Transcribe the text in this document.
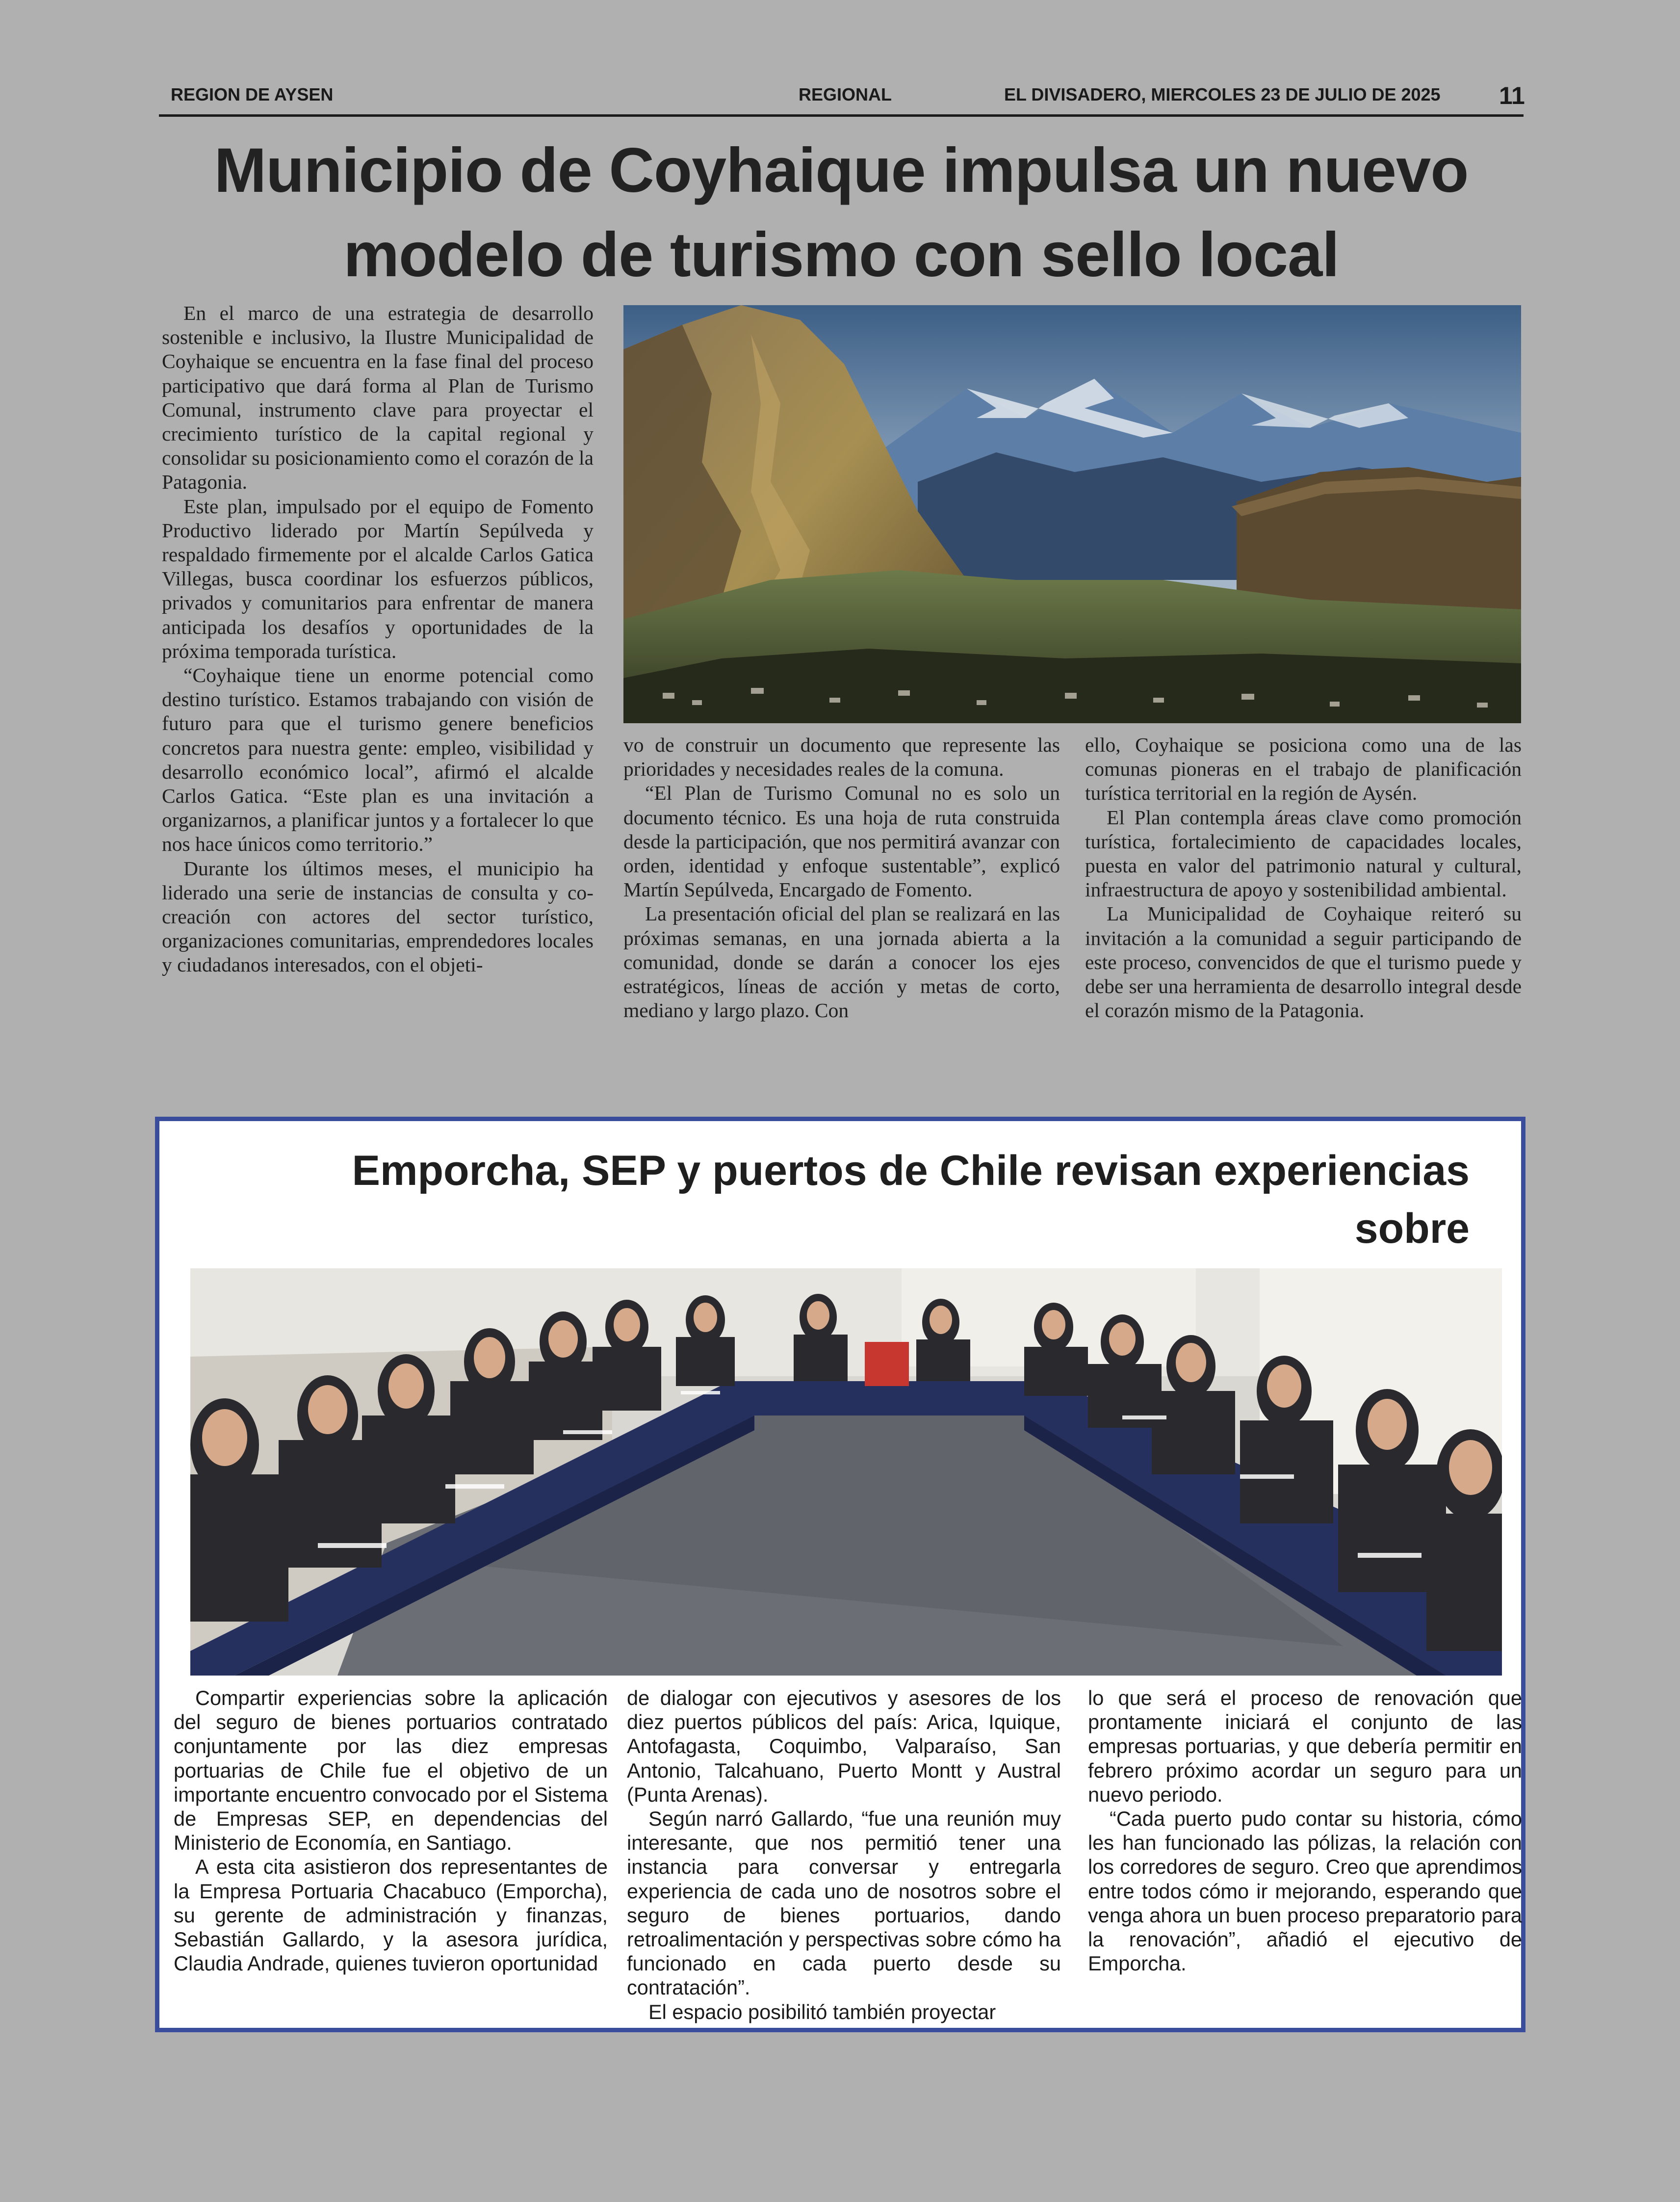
REGION DE AYSEN	REGIONAL	EL DIVISADERO, MIERCOLES 23 DE JULIO DE 2025 11
Municipio de Coyhaique impulsa un nuevo
modelo de turismo con sello local

En el marco de una estrategia de desarrollo sostenible e inclusivo, la Ilustre Municipalidad de Coyhaique se encuentra en la fase final del proceso participativo que dará forma al Plan de Turismo Comunal, instrumento clave para proyectar el crecimiento turístico de la capital regional y consolidar su posicionamiento como el corazón de la Patagonia.

Este plan, impulsado por el equipo de Fomento Productivo liderado por Martín Sepúlveda y respaldado firmemente por el alcalde Carlos Gatica Villegas, busca coordinar los esfuerzos públicos, privados y comunitarios para enfrentar de manera anticipada los desafíos y oportunidades de la próxima temporada turística.

“Coyhaique tiene un enorme potencial como destino turístico. Estamos trabajando con visión de futuro para que el turismo genere beneficios concretos para nuestra gente: empleo, visibilidad y desarrollo económico local”, afirmó el alcalde Carlos Gatica. “Este plan es una invitación a organizarnos, a planificar juntos y a fortalecer lo que nos hace únicos como territorio.”

Durante los últimos meses, el municipio ha liderado una serie de instancias de consulta y co-creación con actores del sector turístico, organizaciones comunitarias, emprendedores locales y ciudadanos interesados, con el objeti-

vo de construir un documento que represente las prioridades y necesidades reales de la comuna.

“El Plan de Turismo Comunal no es solo un documento técnico. Es una hoja de ruta construida desde la participación, que nos permitirá avanzar con orden, identidad y enfoque sustentable”, explicó Martín Sepúlveda, Encargado de Fomento.

La presentación oficial del plan se realizará en las próximas semanas, en una jornada abierta a la comunidad, donde se darán a conocer los ejes estratégicos, líneas de acción y metas de corto, mediano y largo plazo. Con

ello, Coyhaique se posiciona como una de las comunas pioneras en el trabajo de planificación turística territorial en la región de Aysén.

El Plan contempla áreas clave como promoción turística, fortalecimiento de capacidades locales, puesta en valor del patrimonio natural y cultural, infraestructura de apoyo y sostenibilidad ambiental.

La Municipalidad de Coyhaique reiteró su invitación a la comunidad a seguir participando de este proceso, convencidos de que el turismo puede y debe ser una herramienta de desarrollo integral desde el corazón mismo de la Patagonia.

Emporcha, SEP y puertos de Chile revisan experiencias sobre

Compartir experiencias sobre la aplicación del seguro de bienes portuarios contratado conjuntamente por las diez empresas portuarias de Chile fue el objetivo de un importante encuentro convocado por el Sistema de Empresas SEP, en dependencias del Ministerio de Economía, en Santiago.

A esta cita asistieron dos representantes de la Empresa Portuaria Chacabuco (Emporcha), su gerente de administración y finanzas, Sebastián Gallardo, y la asesora jurídica, Claudia Andrade, quienes tuvieron oportunidad

de dialogar con ejecutivos y asesores de los diez puertos públicos del país: Arica, Iquique, Antofagasta, Coquimbo, Valparaíso, San Antonio, Talcahuano, Puerto Montt y Austral (Punta Arenas).

Según narró Gallardo, “fue una reunión muy interesante, que nos permitió tener una instancia para conversar y entregarla experiencia de cada uno de nosotros sobre el seguro de bienes portuarios, dando retroalimentación y perspectivas sobre cómo ha funcionado en cada puerto desde su contratación”.

El espacio posibilitó también proyectar

lo que será el proceso de renovación que prontamente iniciará el conjunto de las empresas portuarias, y que debería permitir en febrero próximo acordar un seguro para un nuevo periodo.

“Cada puerto pudo contar su historia, cómo les han funcionado las pólizas, la relación con los corredores de seguro. Creo que aprendimos entre todos cómo ir mejorando, esperando que venga ahora un buen proceso preparatorio para la renovación”, añadió el ejecutivo de Emporcha.
